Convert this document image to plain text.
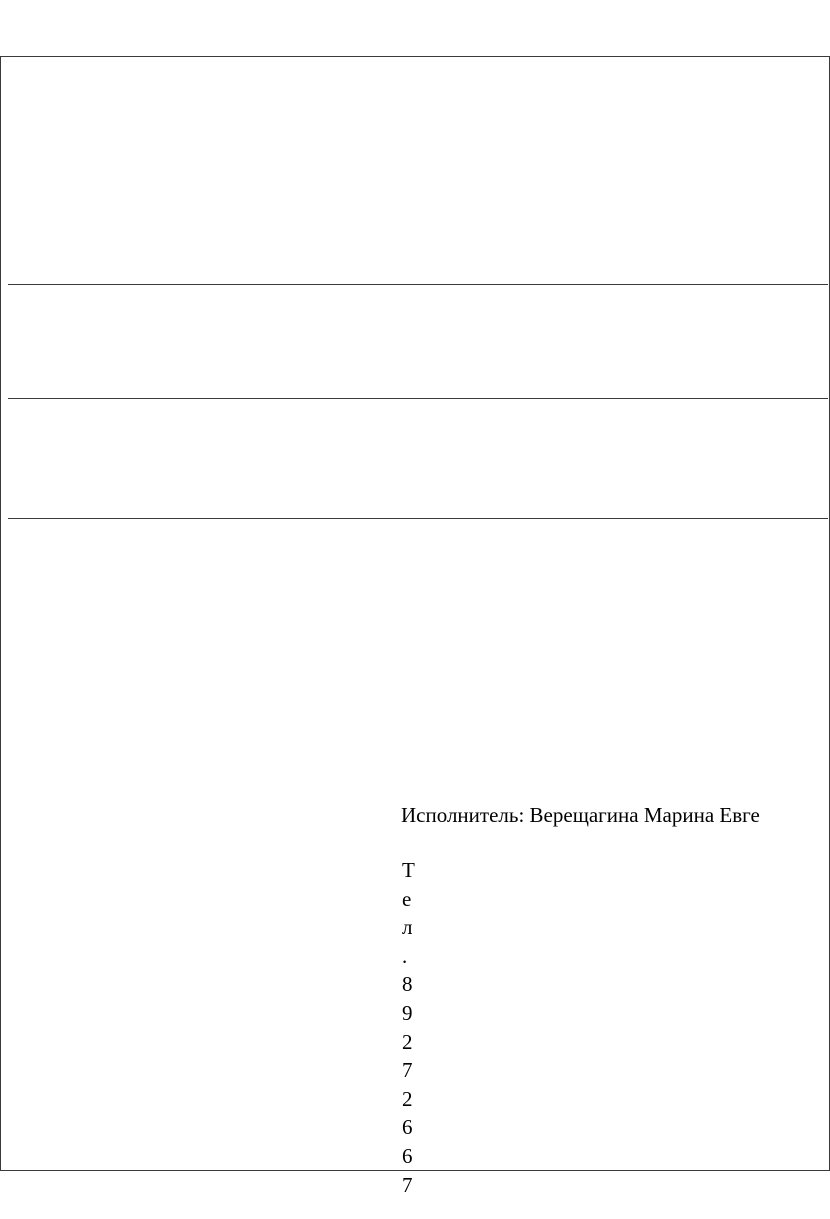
Исполнитель: Верещагина Марина Евге
Т
е
л
.
8
9
2
7
2
6
6
7
